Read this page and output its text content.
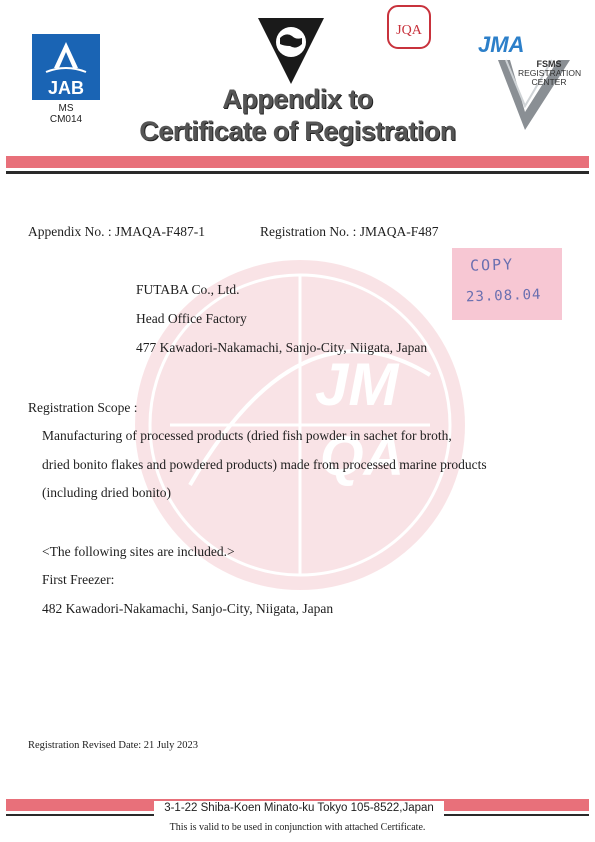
JM
QA
JAB
MS
CM014
JQA
JMA
FSMS
REGISTRATION
CENTER
Appendix to
Certificate of Registration
Appendix No. : JMAQA-F487-1	Registration No. : JMAQA-F487
COPY
23.08.04
FUTABA Co., Ltd.
Head Office Factory
477 Kawadori-Nakamachi, Sanjo-City, Niigata, Japan
Registration Scope :
Manufacturing of processed products (dried fish powder in sachet for broth,
dried bonito flakes and powdered products) made from processed marine products
(including dried bonito)
<The following sites are included.>
First Freezer:
482 Kawadori-Nakamachi, Sanjo-City, Niigata, Japan
Registration Revised Date: 21 July 2023
3-1-22 Shiba-Koen Minato-ku Tokyo 105-8522,Japan
This is valid to be used in conjunction with attached Certificate.
